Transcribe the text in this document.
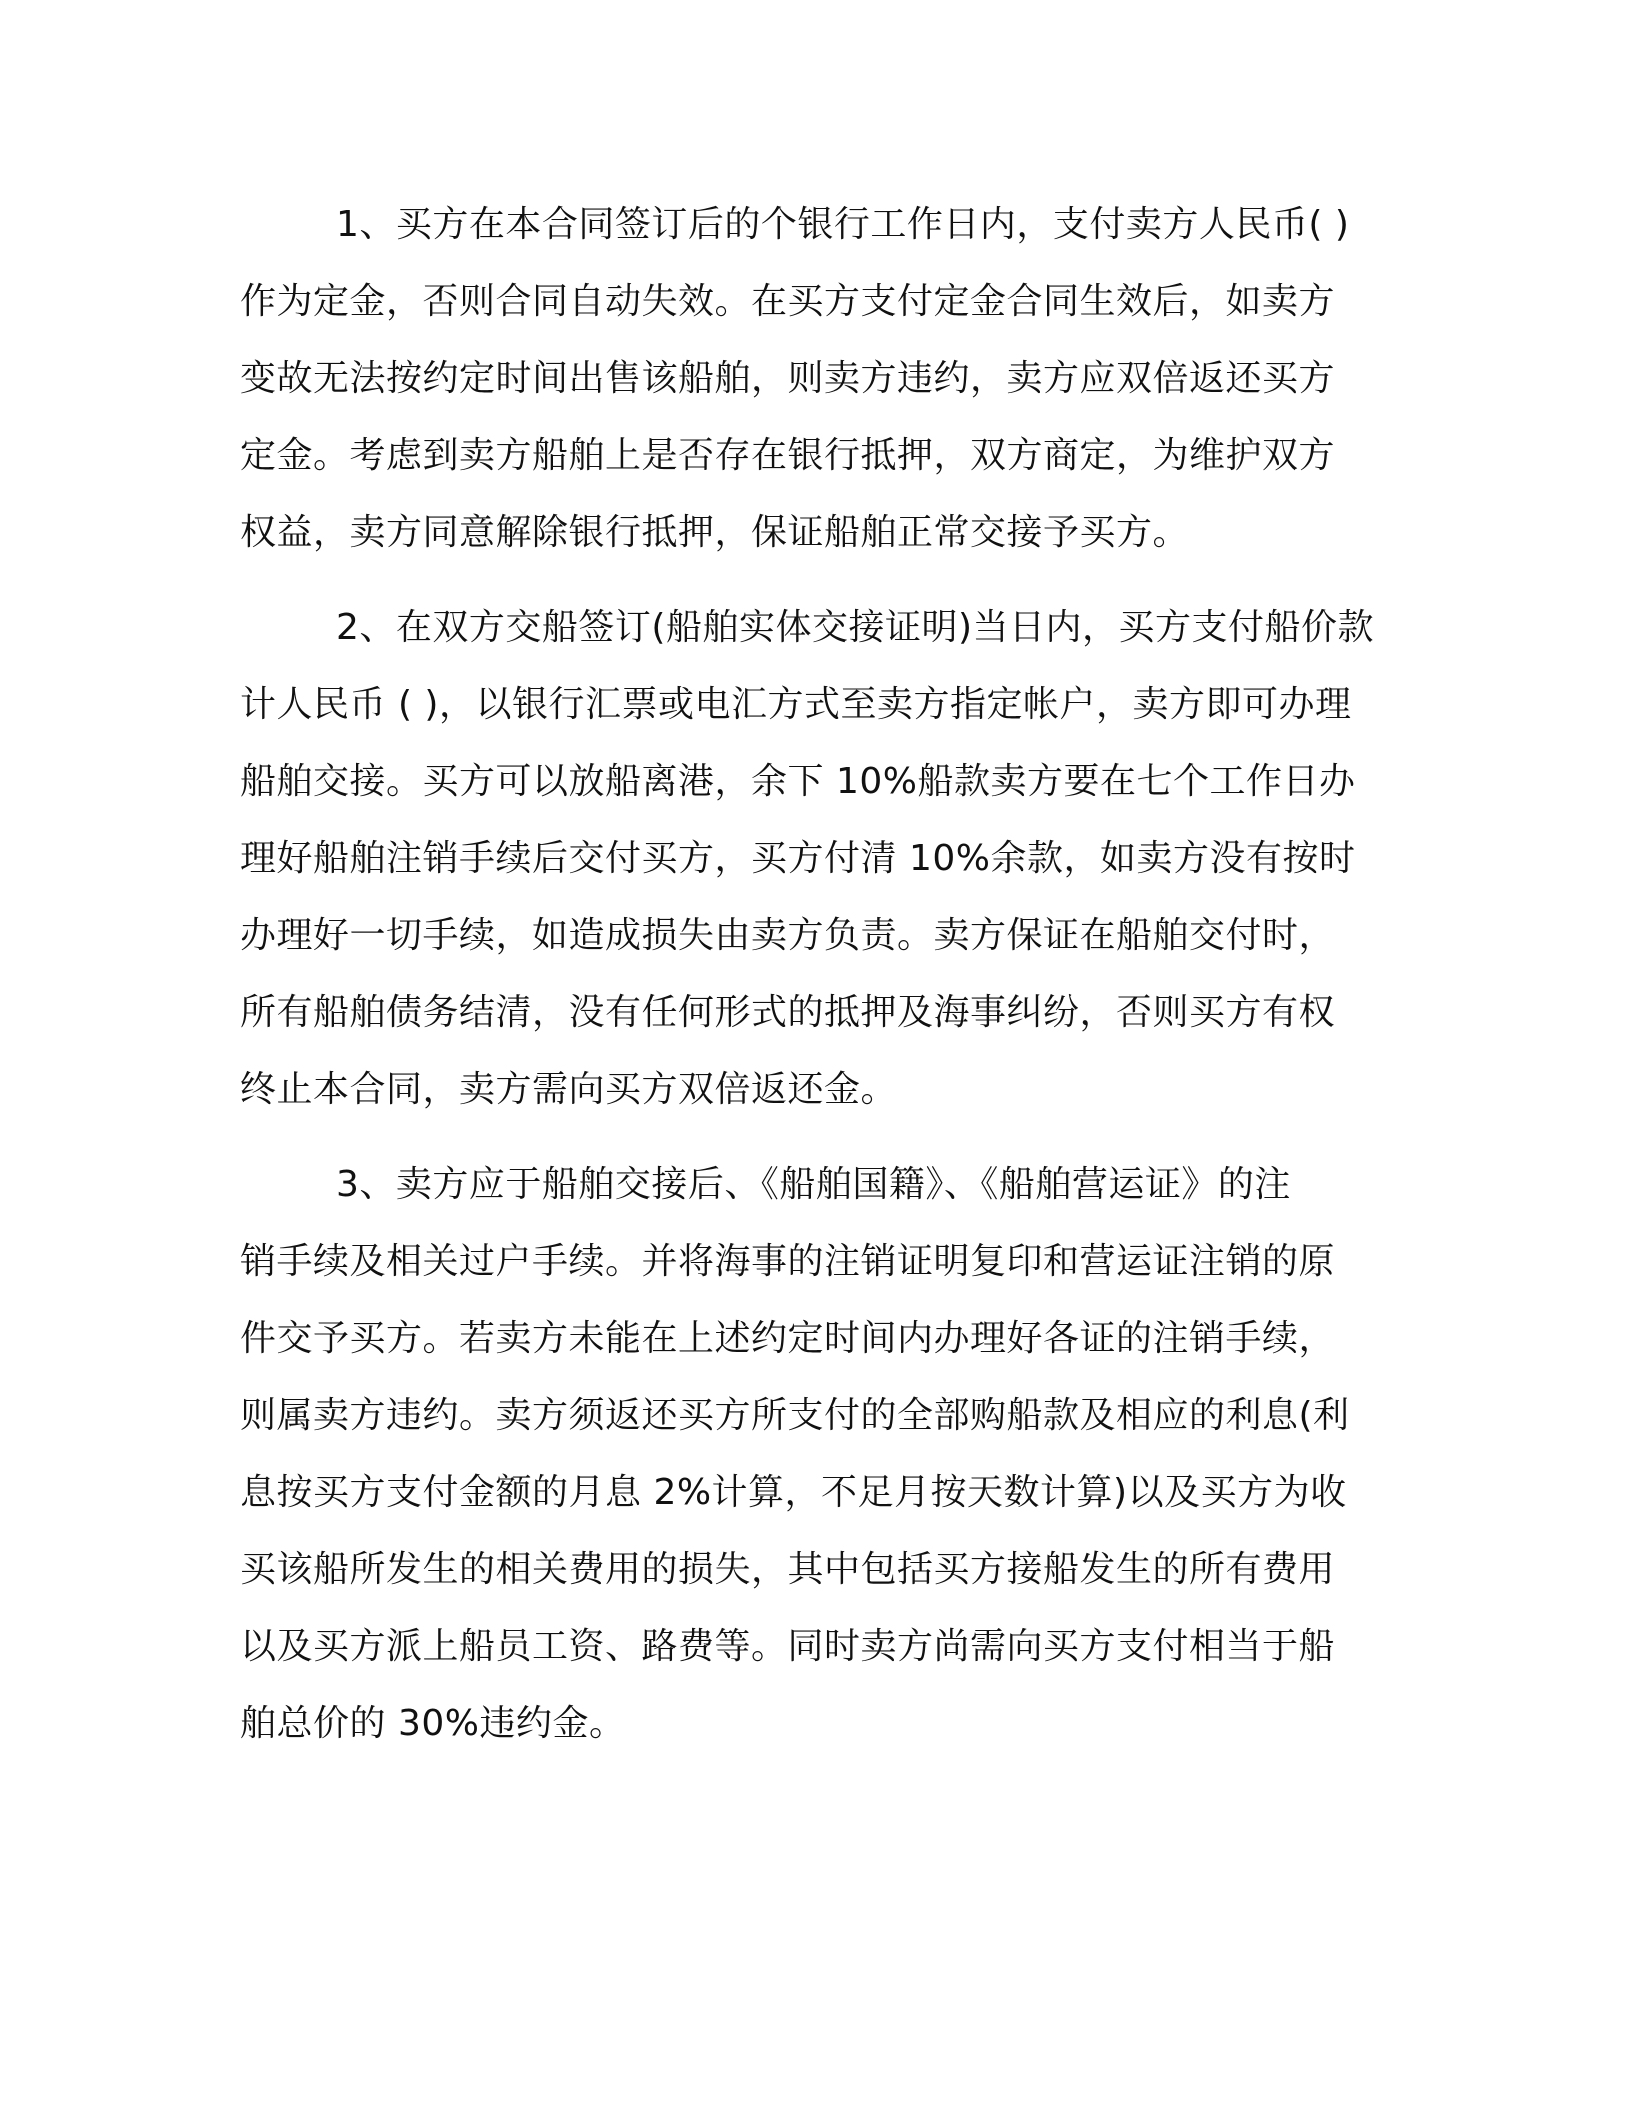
1、买方在本合同签订后的个银行工作日内，支付卖方人民币( )
作为定金，否则合同自动失效。在买方支付定金合同生效后，如卖方
变故无法按约定时间出售该船舶，则卖方违约，卖方应双倍返还买方
定金。考虑到卖方船舶上是否存在银行抵押，双方商定，为维护双方
权益，卖方同意解除银行抵押，保证船舶正常交接予买方。

2、在双方交船签订(船舶实体交接证明)当日内，买方支付船价款
计人民币 ( )，以银行汇票或电汇方式至卖方指定帐户，卖方即可办理
船舶交接。买方可以放船离港，余下 10%船款卖方要在七个工作日办
理好船舶注销手续后交付买方，买方付清 10%余款，如卖方没有按时
办理好一切手续，如造成损失由卖方负责。卖方保证在船舶交付时，
所有船舶债务结清，没有任何形式的抵押及海事纠纷，否则买方有权
终止本合同，卖方需向买方双倍返还金。

3、卖方应于船舶交接后、《船舶国籍》、《船舶营运证》的注
销手续及相关过户手续。并将海事的注销证明复印和营运证注销的原
件交予买方。若卖方未能在上述约定时间内办理好各证的注销手续，
则属卖方违约。卖方须返还买方所支付的全部购船款及相应的利息(利
息按买方支付金额的月息 2%计算，不足月按天数计算)以及买方为收
买该船所发生的相关费用的损失，其中包括买方接船发生的所有费用
以及买方派上船员工资、路费等。同时卖方尚需向买方支付相当于船
舶总价的 30%违约金。
